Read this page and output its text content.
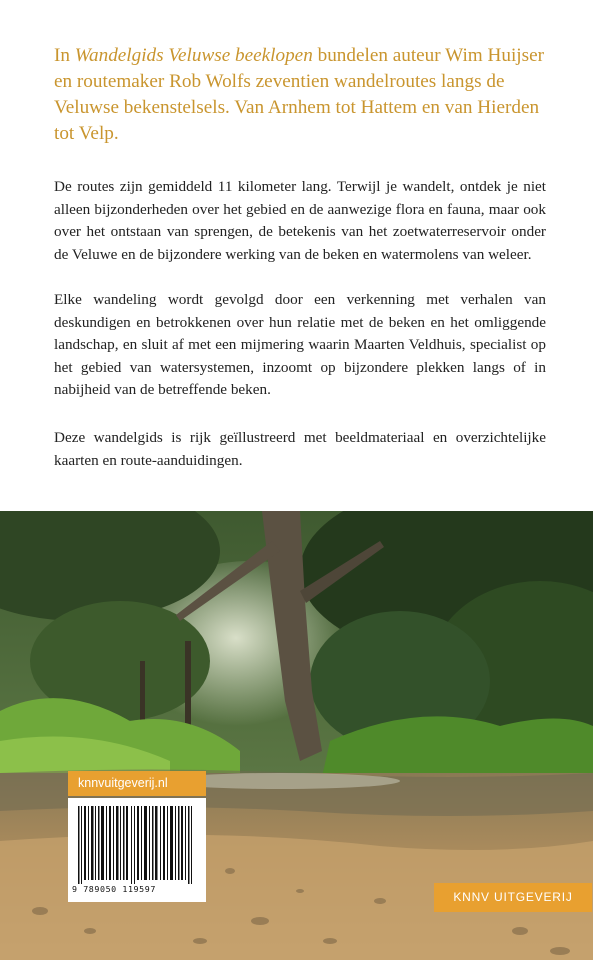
In Wandelgids Veluwse beeklopen bundelen auteur Wim Huijser en routemaker Rob Wolfs zeventien wandelroutes langs de Veluwse bekenstelsels. Van Arnhem tot Hattem en van Hierden tot Velp.

De routes zijn gemiddeld 11 kilometer lang. Terwijl je wandelt, ontdek je niet alleen bijzonderheden over het gebied en de aanwezige flora en fauna, maar ook over het ontstaan van sprengen, de betekenis van het zoetwaterreservoir onder de Veluwe en de bijzondere werking van de beken en watermolens van weleer.

Elke wandeling wordt gevolgd door een verkenning met verhalen van deskundigen en betrokkenen over hun relatie met de beken en het omliggende landschap, en sluit af met een mijmering waarin Maarten Veldhuis, specialist op het gebied van watersystemen, inzoomt op bijzondere plekken langs of in nabijheid van de betreffende beken.

Deze wandelgids is rijk geïllustreerd met beeldmateriaal en overzichtelijke kaarten en route-aanduidingen.

knnvuitgeverij.nl
9 789050 119597
KNNV UITGEVERIJ
